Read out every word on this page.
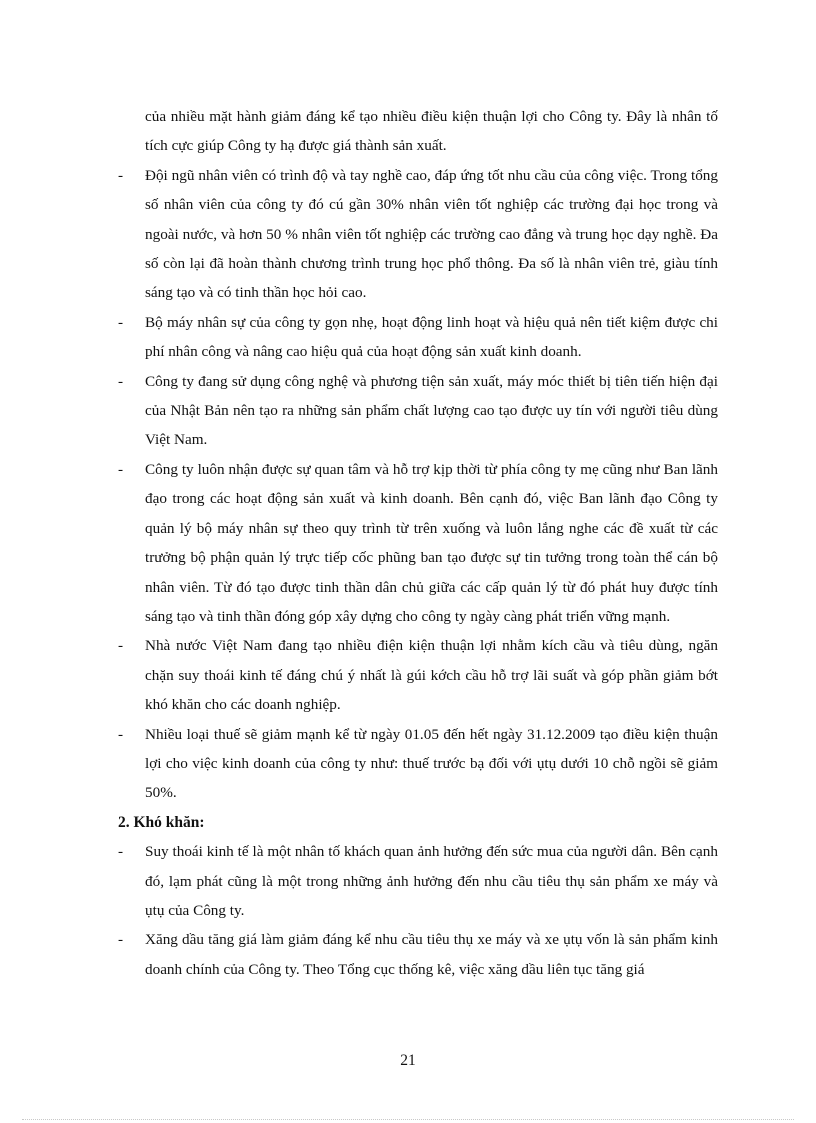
của nhiều mặt hành giảm đáng kể tạo nhiều điều kiện thuận lợi cho Công ty. Đây là nhân tố tích cực giúp Công ty hạ được giá thành sản xuất.

- Đội ngũ nhân viên có trình độ và tay nghề cao, đáp ứng tốt nhu cầu của công việc. Trong tổng số nhân viên của công ty đó cú gần 30% nhân viên tốt nghiệp các trường đại học trong và ngoài nước, và hơn 50 % nhân viên tốt nghiệp các trường cao đẳng và trung học dạy nghề. Đa số còn lại đã hoàn thành chương trình trung học phổ thông. Đa số là nhân viên trẻ, giàu tính sáng tạo và có tinh thần học hỏi cao.
- Bộ máy nhân sự của công ty gọn nhẹ, hoạt động linh hoạt và hiệu quả nên tiết kiệm được chi phí nhân công và nâng cao hiệu quả của hoạt động sản xuất kinh doanh.
- Công ty đang sử dụng công nghệ và phương tiện sản xuất, máy móc thiết bị tiên tiến hiện đại của Nhật Bản nên tạo ra những sản phẩm chất lượng cao tạo được uy tín với người tiêu dùng Việt Nam.
- Công ty luôn nhận được sự quan tâm và hỗ trợ kịp thời từ phía công ty mẹ cũng như Ban lãnh đạo trong các hoạt động sản xuất và kinh doanh. Bên cạnh đó, việc Ban lãnh đạo Công ty quản lý bộ máy nhân sự theo quy trình từ trên xuống và luôn lắng nghe các đề xuất từ các trưởng bộ phận quản lý trực tiếp cốc phũng ban tạo được sự tin tưởng trong toàn thể cán bộ nhân viên. Từ đó tạo được tinh thần dân chủ giữa các cấp quản lý từ đó phát huy được tính sáng tạo và tinh thần đóng góp xây dựng cho công ty ngày càng phát triển vững mạnh.
- Nhà nước Việt Nam đang tạo nhiều điện kiện thuận lợi nhằm kích cầu và tiêu dùng, ngăn chặn suy thoái kinh tế đáng chú ý nhất là gúi kớch cầu hỗ trợ lãi suất và góp phần giảm bớt khó khăn cho các doanh nghiệp.
- Nhiều loại thuế sẽ giảm mạnh kể từ ngày 01.05 đến hết ngày 31.12.2009 tạo điều kiện thuận lợi cho việc kinh doanh của công ty như: thuế trước bạ đối với ụtụ dưới 10 chỗ ngồi sẽ giảm 50%.

2. Khó khăn:

- Suy thoái kinh tế là một nhân tố khách quan ảnh hưởng đến sức mua của người dân. Bên cạnh đó, lạm phát cũng là một trong những ảnh hưởng đến nhu cầu tiêu thụ sản phẩm xe máy và ụtụ của Công ty.
- Xăng dầu tăng giá làm giảm đáng kể nhu cầu tiêu thụ xe máy và xe ụtụ vốn là sản phẩm kinh doanh chính của Công ty. Theo Tổng cục thống kê, việc xăng dầu liên tục tăng giá
21
